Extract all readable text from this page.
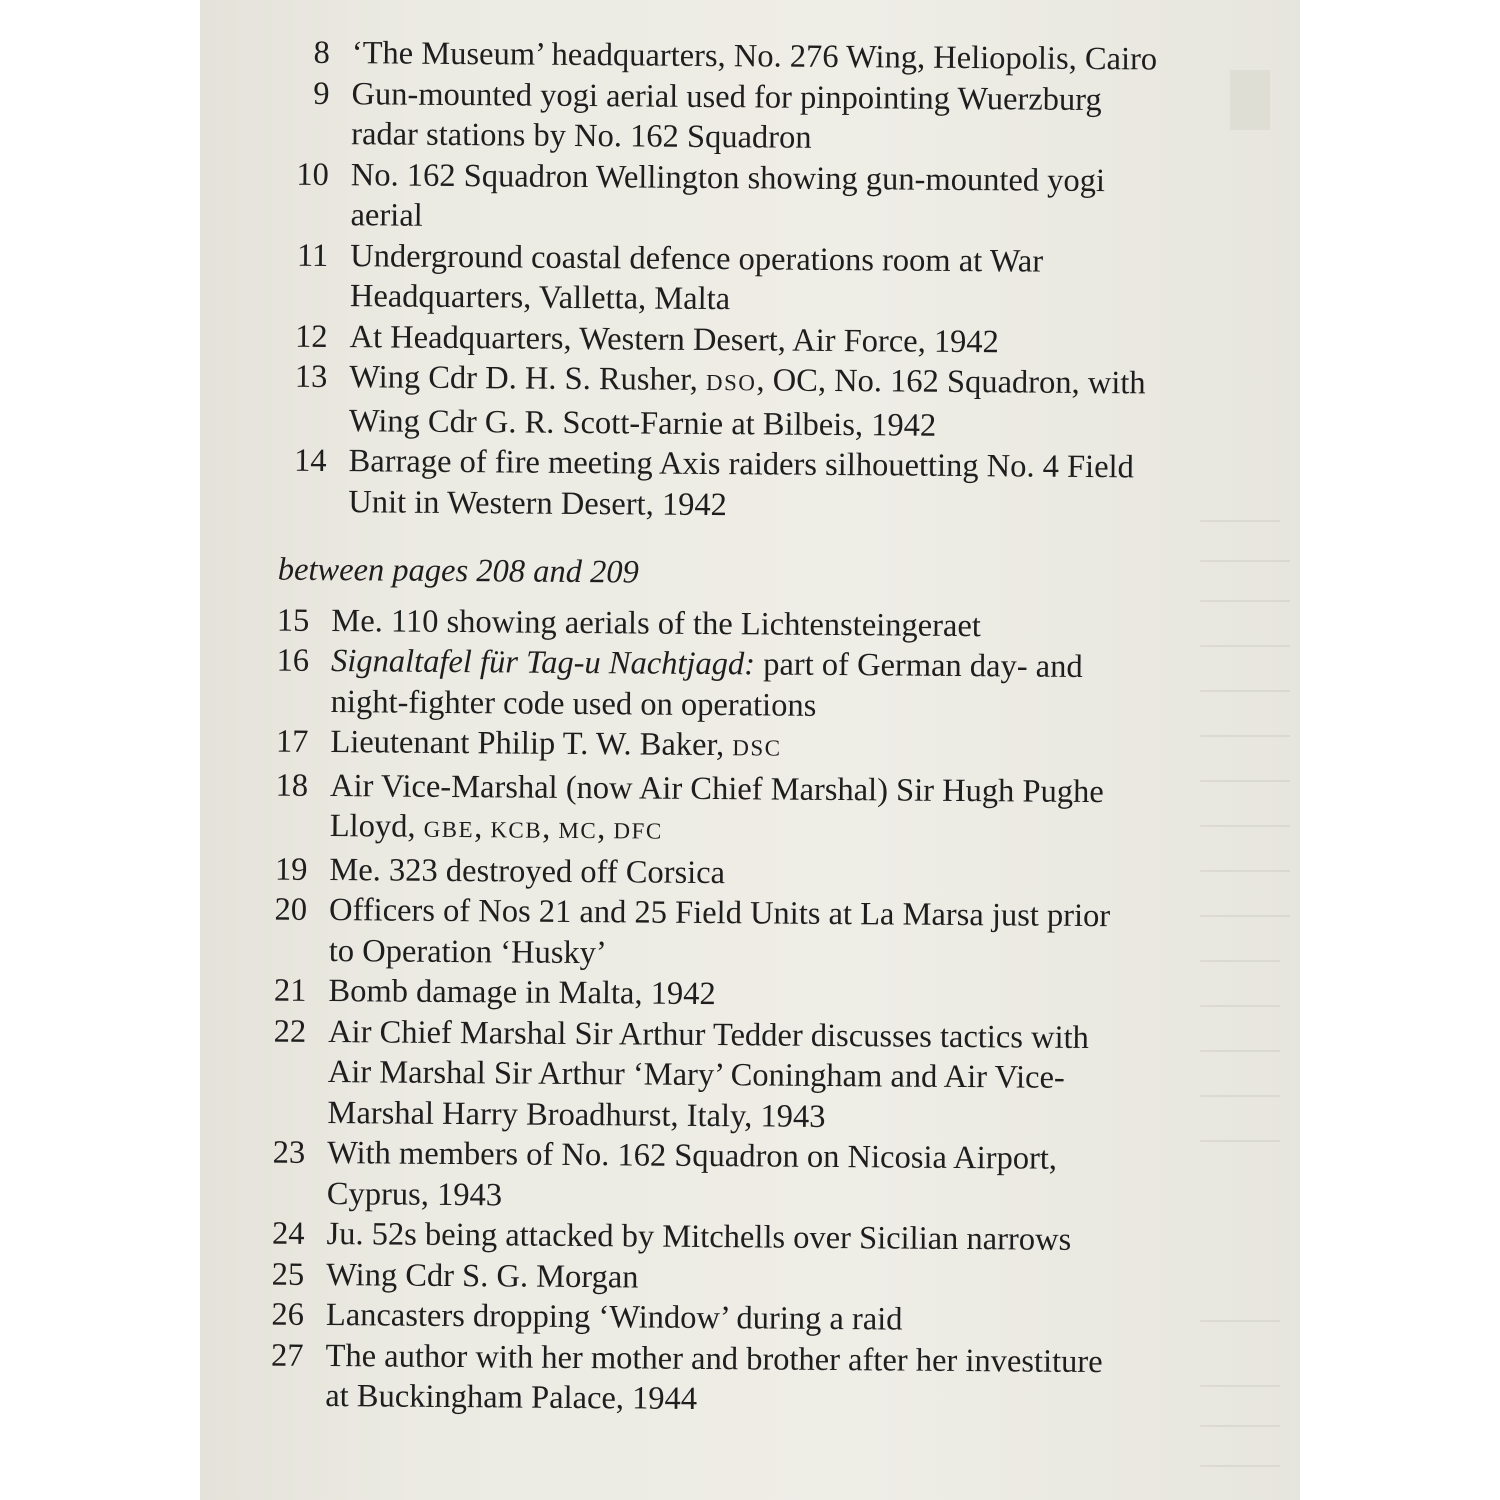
8 ‘The Museum’ headquarters, No. 276 Wing, Heliopolis, Cairo
9 Gun-mounted yogi aerial used for pinpointing Wuerzburg
radar stations by No. 162 Squadron
10 No. 162 Squadron Wellington showing gun-mounted yogi
aerial
11 Underground coastal defence operations room at War
Headquarters, Valletta, Malta
12 At Headquarters, Western Desert, Air Force, 1942
13 Wing Cdr D. H. S. Rusher, DSO, OC, No. 162 Squadron, with
Wing Cdr G. R. Scott-Farnie at Bilbeis, 1942
14 Barrage of fire meeting Axis raiders silhouetting No. 4 Field
Unit in Western Desert, 1942
between pages 208 and 209
15 Me. 110 showing aerials of the Lichtensteingeraet
16 Signaltafel für Tag-u Nachtjagd: part of German day- and
night-fighter code used on operations
17 Lieutenant Philip T. W. Baker, DSC
18 Air Vice-Marshal (now Air Chief Marshal) Sir Hugh Pughe
Lloyd, GBE, KCB, MC, DFC
19 Me. 323 destroyed off Corsica
20 Officers of Nos 21 and 25 Field Units at La Marsa just prior
to Operation ‘Husky’
21 Bomb damage in Malta, 1942
22 Air Chief Marshal Sir Arthur Tedder discusses tactics with
Air Marshal Sir Arthur ‘Mary’ Coningham and Air Vice-
Marshal Harry Broadhurst, Italy, 1943
23 With members of No. 162 Squadron on Nicosia Airport,
Cyprus, 1943
24 Ju. 52s being attacked by Mitchells over Sicilian narrows
25 Wing Cdr S. G. Morgan
26 Lancasters dropping ‘Window’ during a raid
27 The author with her mother and brother after her investiture
at Buckingham Palace, 1944
